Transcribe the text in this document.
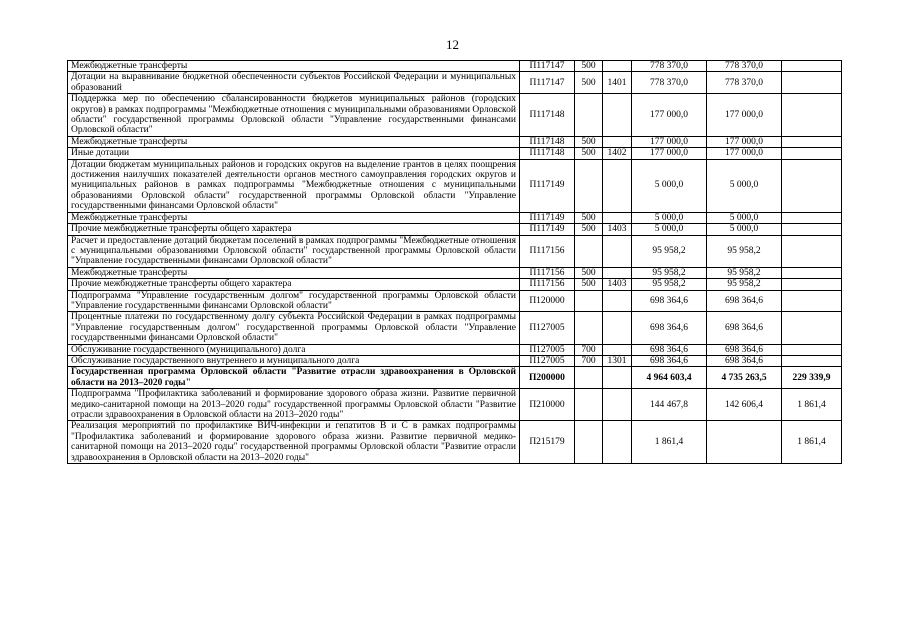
12
Межбюджетные трансферты	П117147	500		778 370,0	778 370,0	
Дотации на выравнивание бюджетной обеспеченности субъектов Российской Федерации и муниципальных образований	П117147	500	1401	778 370,0	778 370,0	
Поддержка мер по обеспечению сбалансированности бюджетов муниципальных районов (городских округов) в рамках подпрограммы "Межбюджетные отношения с муниципальными образованиями Орловской области" государственной программы Орловской области "Управление государственными финансами Орловской области"	П117148			177 000,0	177 000,0	
Межбюджетные трансферты	П117148	500		177 000,0	177 000,0	
Иные дотации	П117148	500	1402	177 000,0	177 000,0	
Дотации бюджетам муниципальных районов и городских округов на выделение грантов в целях поощрения достижения наилучших показателей деятельности органов местного самоуправления городских округов и муниципальных районов в рамках подпрограммы "Межбюджетные отношения с муниципальными образованиями Орловской области" государственной программы Орловской области "Управление государственными финансами Орловской области"	П117149			5 000,0	5 000,0	
Межбюджетные трансферты	П117149	500		5 000,0	5 000,0	
Прочие межбюджетные трансферты общего характера	П117149	500	1403	5 000,0	5 000,0	
Расчет и предоставление дотаций бюджетам поселений в рамках подпрограммы "Межбюджетные отношения с муниципальными образованиями Орловской области" государственной программы Орловской области "Управление государственными финансами Орловской области"	П117156			95 958,2	95 958,2	
Межбюджетные трансферты	П117156	500		95 958,2	95 958,2	
Прочие межбюджетные трансферты общего характера	П117156	500	1403	95 958,2	95 958,2	
Подпрограмма "Управление государственным долгом" государственной программы Орловской области "Управление государственными финансами Орловской области"	П120000			698 364,6	698 364,6	
Процентные платежи по государственному долгу субъекта Российской Федерации в рамках подпрограммы "Управление государственным долгом" государственной программы Орловской области "Управление государственными финансами Орловской области"	П127005			698 364,6	698 364,6	
Обслуживание государственного (муниципального) долга	П127005	700		698 364,6	698 364,6	
Обслуживание государственного внутреннего и муниципального долга	П127005	700	1301	698 364,6	698 364,6	
Государственная программа Орловской области "Развитие отрасли здравоохранения в Орловской области на 2013–2020 годы"	П200000			4 964 603,4	4 735 263,5	229 339,9
Подпрограмма "Профилактика заболеваний и формирование здорового образа жизни. Развитие первичной медико-санитарной помощи на 2013–2020 годы" государственной программы Орловской области "Развитие отрасли здравоохранения в Орловской области на 2013–2020 годы"	П210000			144 467,8	142 606,4	1 861,4
Реализация мероприятий по профилактике ВИЧ-инфекции и гепатитов В и С в рамках подпрограммы "Профилактика заболеваний и формирование здорового образа жизни. Развитие первичной медико-санитарной помощи на 2013–2020 годы" государственной программы Орловской области "Развитие отрасли здравоохранения в Орловской области на 2013–2020 годы"	П215179			1 861,4		1 861,4
